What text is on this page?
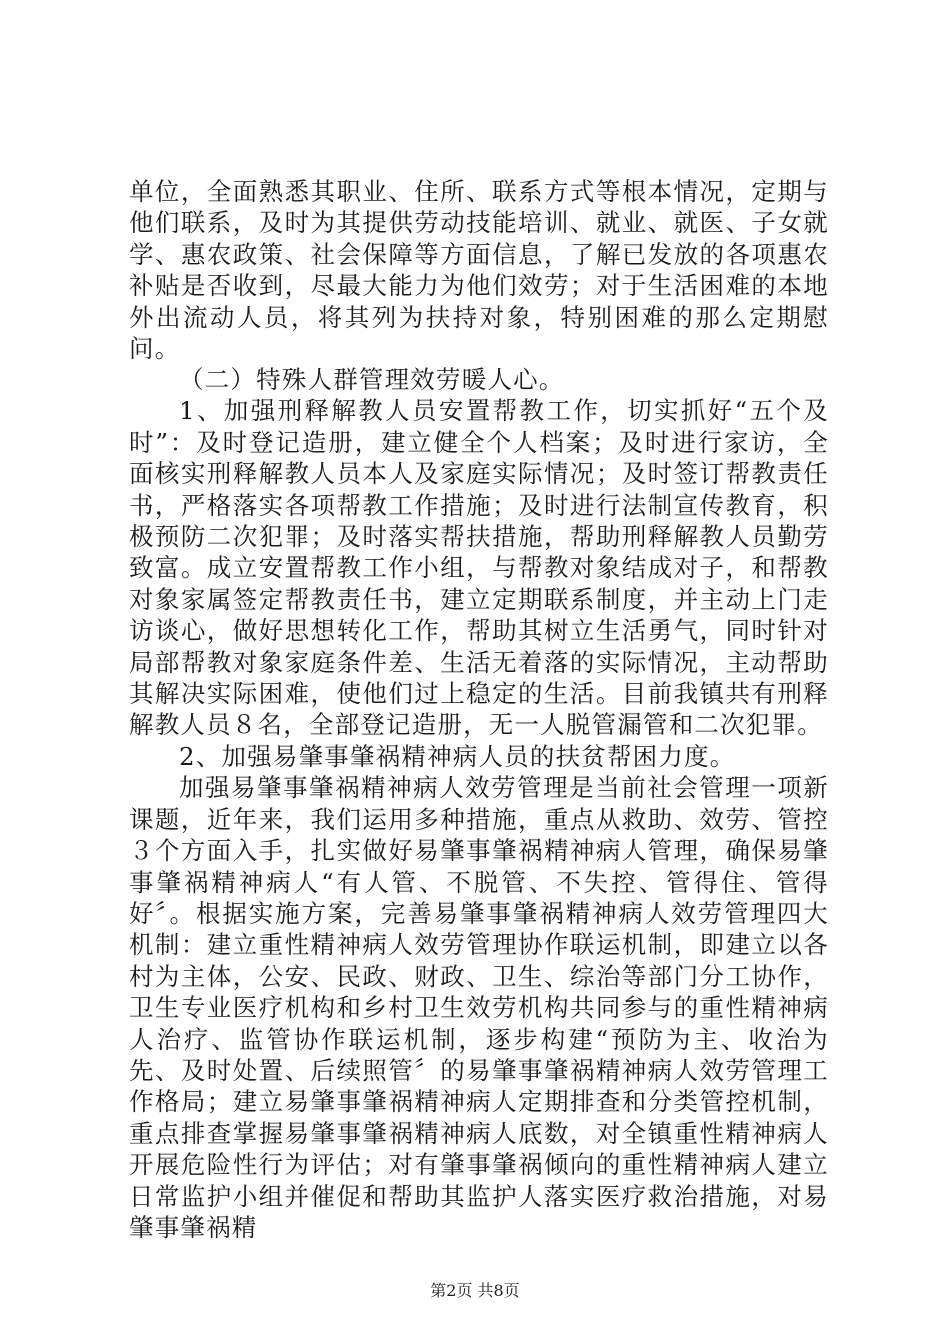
单位，全面熟悉其职业、住所、联系方式等根本情况，定期与他们联系，及时为其提供劳动技能培训、就业、就医、子女就学、惠农政策、社会保障等方面信息，了解已发放的各项惠农补贴是否收到，尽最大能力为他们效劳；对于生活困难的本地外出流动人员，将其列为扶持对象，特别困难的那么定期慰问。

（二）特殊人群管理效劳暖人心。

1、加强刑释解教人员安置帮教工作，切实抓好“五个及时”：及时登记造册，建立健全个人档案；及时进行家访，全面核实刑释解教人员本人及家庭实际情况；及时签订帮教责任书，严格落实各项帮教工作措施；及时进行法制宣传教育，积极预防二次犯罪；及时落实帮扶措施，帮助刑释解教人员勤劳致富。成立安置帮教工作小组，与帮教对象结成对子，和帮教对象家属签定帮教责任书，建立定期联系制度，并主动上门走访谈心，做好思想转化工作，帮助其树立生活勇气，同时针对局部帮教对象家庭条件差、生活无着落的实际情况，主动帮助其解决实际困难，使他们过上稳定的生活。目前我镇共有刑释解教人员８名，全部登记造册，无一人脱管漏管和二次犯罪。

2、加强易肇事肇祸精神病人员的扶贫帮困力度。

加强易肇事肇祸精神病人效劳管理是当前社会管理一项新课题，近年来，我们运用多种措施，重点从救助、效劳、管控３个方面入手，扎实做好易肇事肇祸精神病人管理，确保易肇事肇祸精神病人“有人管、不脱管、不失控、管得住、管得好〞。根据实施方案，完善易肇事肇祸精神病人效劳管理四大机制：建立重性精神病人效劳管理协作联运机制，即建立以各村为主体，公安、民政、财政、卫生、综治等部门分工协作，卫生专业医疗机构和乡村卫生效劳机构共同参与的重性精神病人治疗、监管协作联运机制，逐步构建“预防为主、收治为先、及时处置、后续照管〞的易肇事肇祸精神病人效劳管理工作格局；建立易肇事肇祸精神病人定期排查和分类管控机制，重点排查掌握易肇事肇祸精神病人底数，对全镇重性精神病人开展危险性行为评估；对有肇事肇祸倾向的重性精神病人建立日常监护小组并催促和帮助其监护人落实医疗救治措施，对易肇事肇祸精

第2页 共8页
